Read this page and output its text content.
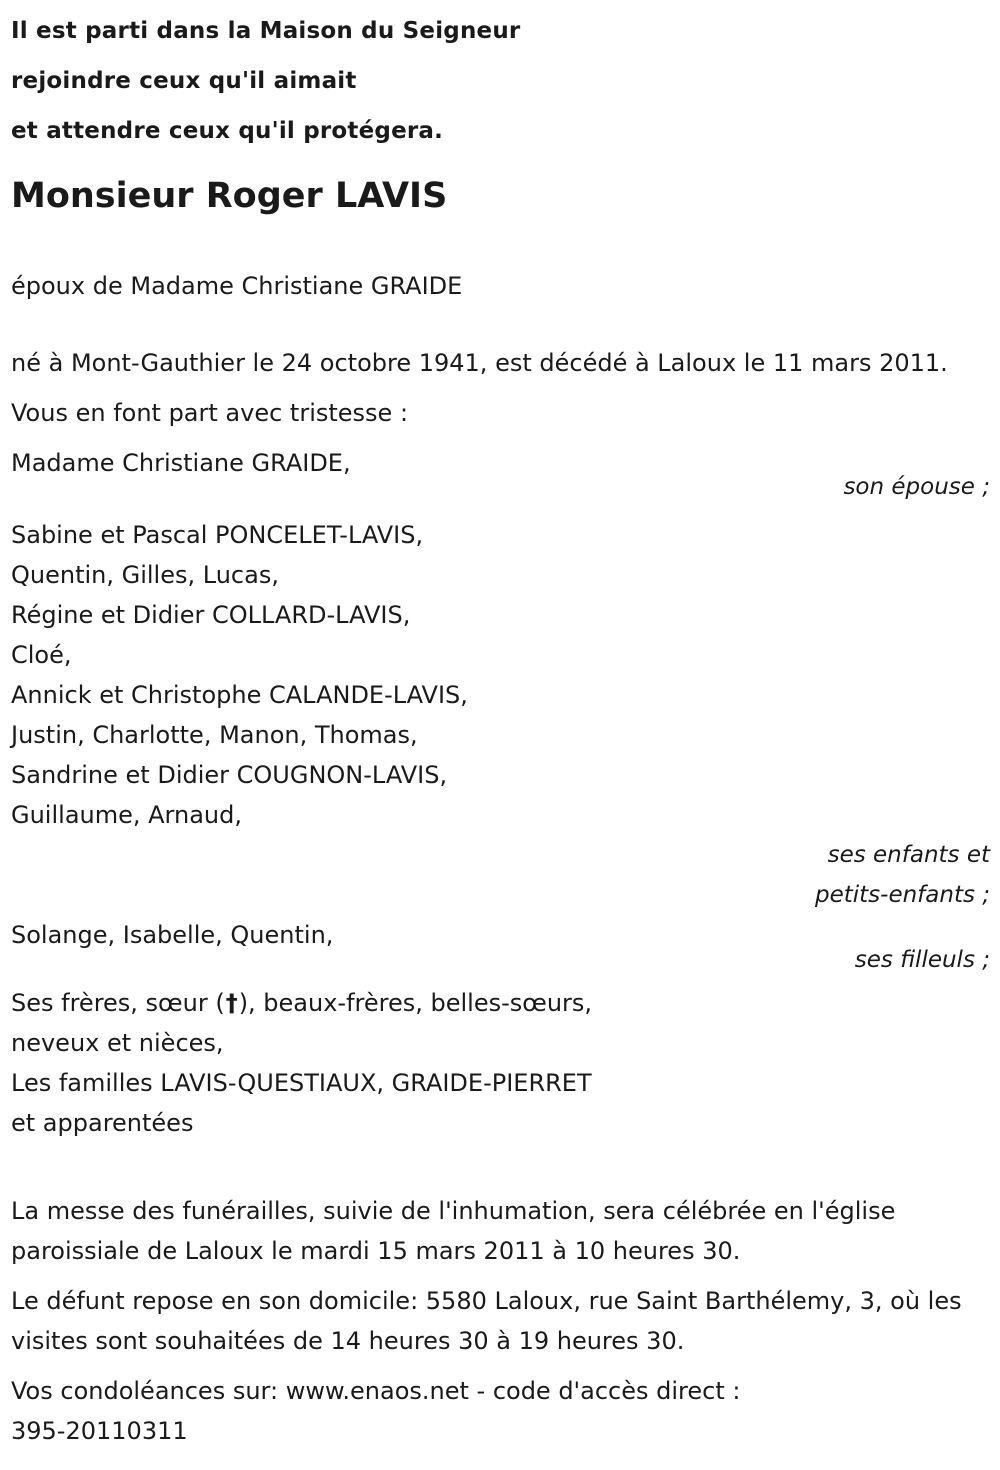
Il est parti dans la Maison du Seigneur
rejoindre ceux qu'il aimait
et attendre ceux qu'il protégera.
Monsieur Roger LAVIS

époux de Madame Christiane GRAIDE

né à Mont-Gauthier le 24 octobre 1941, est décédé à Laloux le 11 mars 2011.

Vous en font part avec tristesse :

Madame Christiane GRAIDE,
son épouse ;
Sabine et Pascal PONCELET-LAVIS,
Quentin, Gilles, Lucas,
Régine et Didier COLLARD-LAVIS,
Cloé,
Annick et Christophe CALANDE-LAVIS,
Justin, Charlotte, Manon, Thomas,
Sandrine et Didier COUGNON-LAVIS,
Guillaume, Arnaud,
ses enfants et
petits-enfants ;
Solange, Isabelle, Quentin,
ses filleuls ;
Ses frères, sœur (†), beaux-frères, belles-sœurs,
neveux et nièces,
Les familles LAVIS-QUESTIAUX, GRAIDE-PIERRET
et apparentées

La messe des funérailles, suivie de l'inhumation, sera célébrée en l'église paroissiale de Laloux le mardi 15 mars 2011 à 10 heures 30.

Le défunt repose en son domicile: 5580 Laloux, rue Saint Barthélemy, 3, où les visites sont souhaitées de 14 heures 30 à 19 heures 30.

Vos condoléances sur: www.enaos.net - code d'accès direct :
395-20110311
